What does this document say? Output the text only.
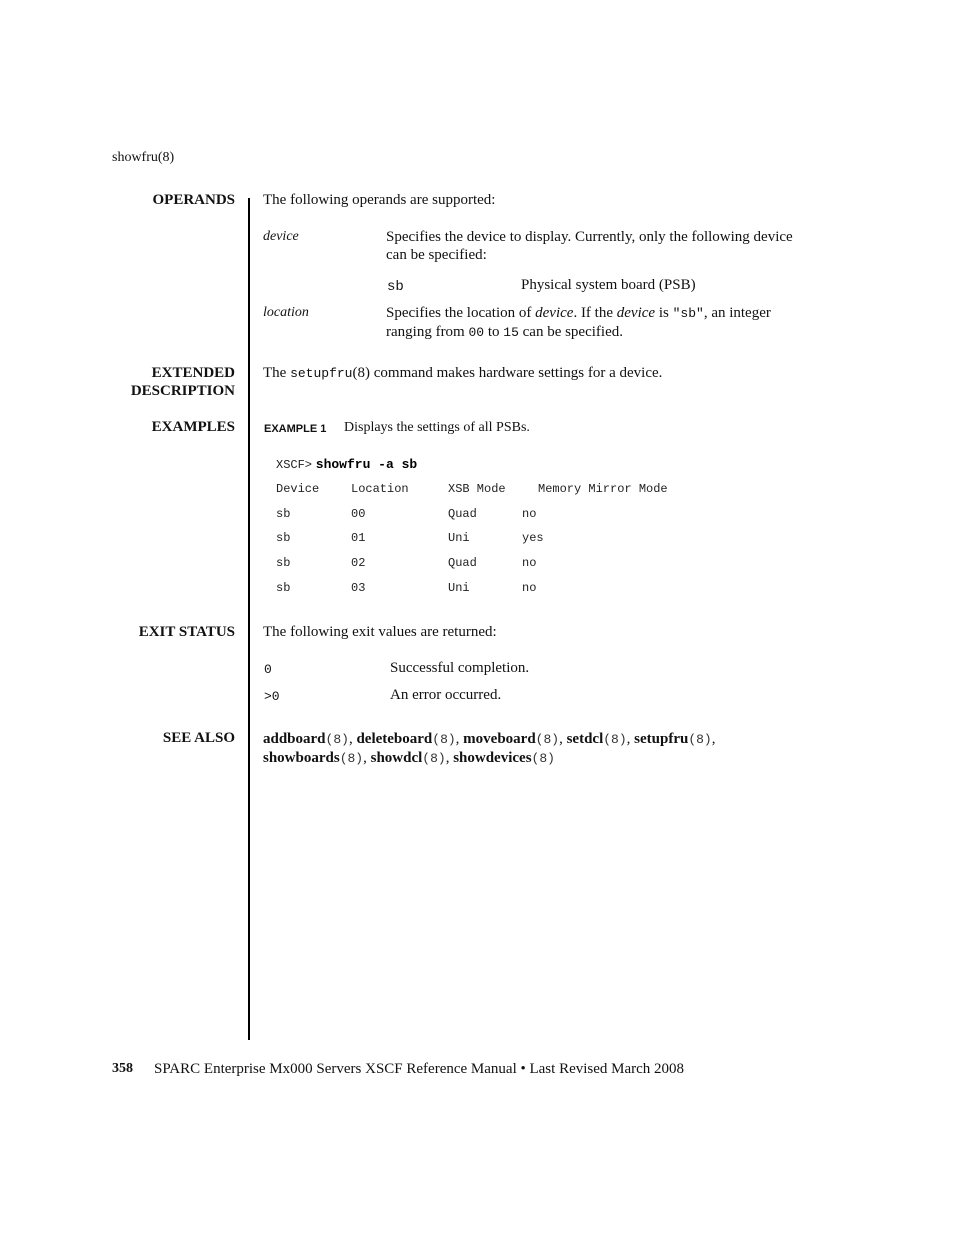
showfru(8)
OPERANDS The following operands are supported:
device	Specifies the device to display. Currently, only the following device can be specified:
sb	Physical system board (PSB)
location	Specifies the location of device. If the device is "sb", an integer
ranging from 00 to 15 can be specified.
EXTENDED
DESCRIPTION
The setupfru(8) command makes hardware settings for a device.
EXAMPLES	EXAMPLE 1 Displays the settings of all PSBs.
XSCF> showfru -a sb
Device	Location	XSB Mode	Memory Mirror Mode
sb	00	Quad	no
sb	01	Uni	yes
sb	02	Quad	no
sb	03	Uni	no
EXIT STATUS The following exit values are returned:
0	Successful completion.
>0	An error occurred.
SEE ALSO addboard(8), deleteboard(8), moveboard(8), setdcl(8), setupfru(8),
showboards(8), showdcl(8), showdevices(8)
358 SPARC Enterprise Mx000 Servers XSCF Reference Manual • Last Revised March 2008
